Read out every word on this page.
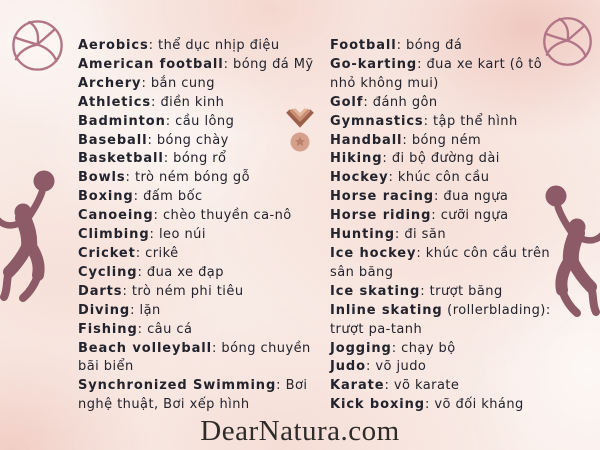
Aerobics: thể dục nhịp điệu
American football: bóng đá Mỹ
Archery: bắn cung
Athletics: điền kinh
Badminton: cầu lông
Baseball: bóng chày
Basketball: bóng rổ
Bowls: trò ném bóng gỗ
Boxing: đấm bốc
Canoeing: chèo thuyền ca-nô
Climbing: leo núi
Cricket: crikê
Cycling: đua xe đạp
Darts: trò ném phi tiêu
Diving: lặn
Fishing: câu cá
Beach volleyball: bóng chuyền bãi biển
Synchronized Swimming: Bơi nghệ thuật, Bơi xếp hình
Football: bóng đá
Go-karting: đua xe kart (ô tô nhỏ không mui)
Golf: đánh gôn
Gymnastics: tập thể hình
Handball: bóng ném
Hiking: đi bộ đường dài
Hockey: khúc côn cầu
Horse racing: đua ngựa
Horse riding: cưỡi ngựa
Hunting: đi săn
Ice hockey: khúc côn cầu trên sân băng
Ice skating: trượt băng
Inline skating (rollerblading): trượt pa-tanh
Jogging: chạy bộ
Judo: võ judo
Karate: võ karate
Kick boxing: võ đối kháng
DearNatura.com
